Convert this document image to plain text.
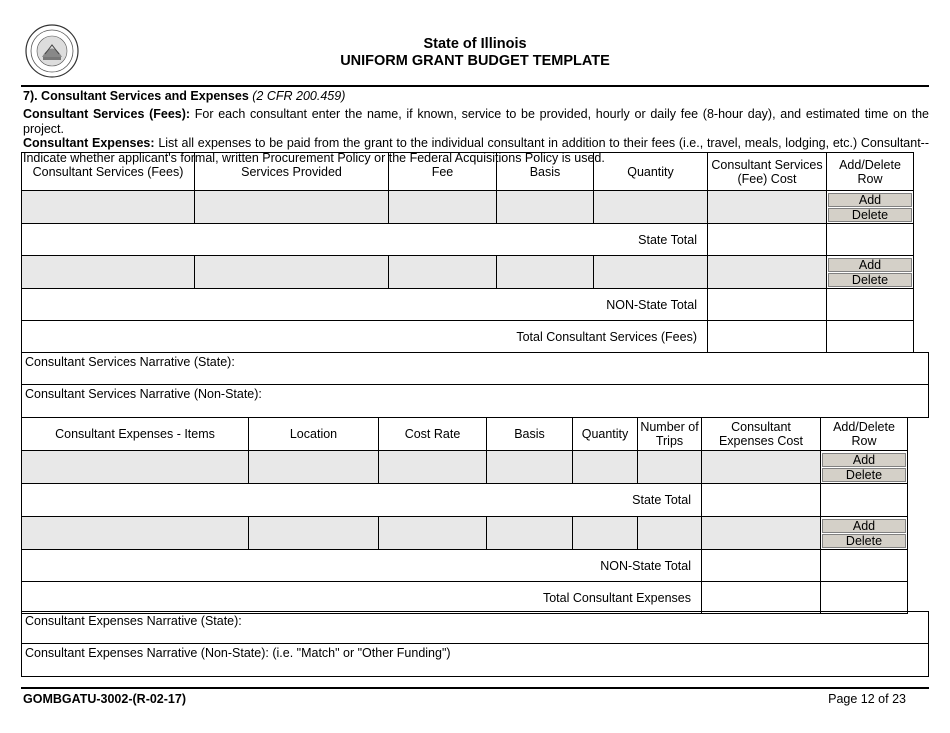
State of Illinois
UNIFORM GRANT BUDGET TEMPLATE
7). Consultant Services and Expenses (2 CFR 200.459)
Consultant Services (Fees): For each consultant enter the name, if known, service to be provided, hourly or daily fee (8-hour day), and estimated time on the project.
Consultant Expenses: List all expenses to be paid from the grant to the individual consultant in addition to their fees (i.e., travel, meals, lodging, etc.) Consultant--Indicate whether applicant's formal, written Procurement Policy or the Federal Acquisitions Policy is used.
Consultant Services (Fees)	Services Provided	Fee	Basis	Quantity	Consultant Services (Fee) Cost	Add/Delete Row

						Add
Delete

State Total						

						Add
Delete

NON-State Total						
Total Consultant Services (Fees)						
Consultant Services Narrative (State):
Consultant Services Narrative (Non-State):
Consultant Expenses - Items	Location	Cost Rate	Basis	Quantity	Number of Trips	Consultant Expenses Cost	Add/Delete Row

							Add
Delete

State Total							

							Add
Delete

NON-State Total							
Total Consultant Expenses							
Consultant Expenses Narrative (State):
Consultant Expenses Narrative (Non-State): (i.e. "Match" or "Other Funding")
GOMBGATU-3002-(R-02-17)	Page 12 of 23
